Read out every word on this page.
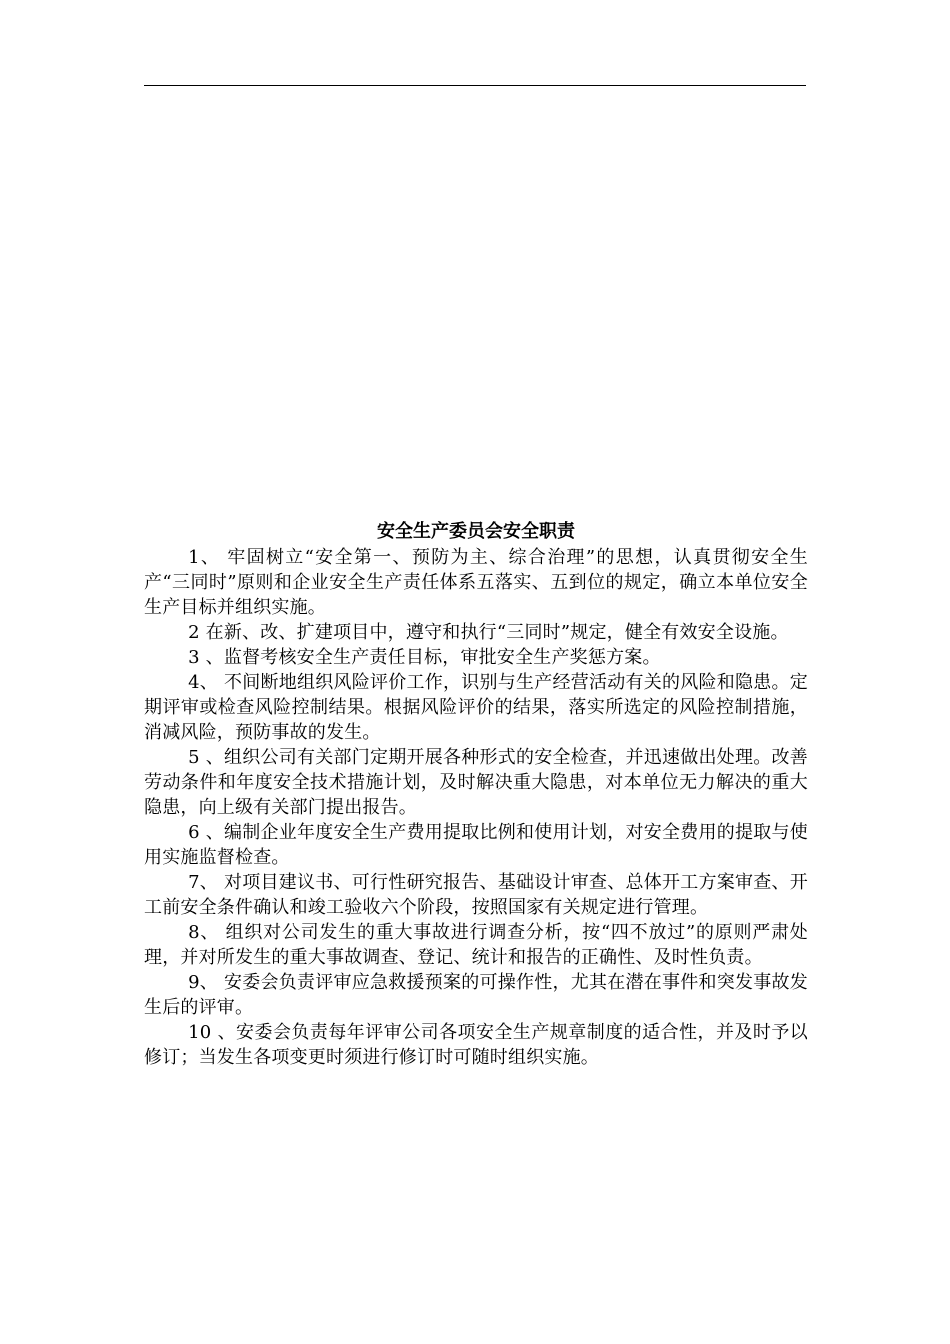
安全生产委员会安全职责

1、 牢固树立“安全第一、预防为主、综合治理”的思想，认真贯彻安全生产“三同时”原则和企业安全生产责任体系五落实、五到位的规定，确立本单位安全生产目标并组织实施。

2 在新、改、扩建项目中，遵守和执行“三同时”规定，健全有效安全设施。

3 、监督考核安全生产责任目标，审批安全生产奖惩方案。

4、 不间断地组织风险评价工作，识别与生产经营活动有关的风险和隐患。定期评审或检查风险控制结果。根据风险评价的结果，落实所选定的风险控制措施，消减风险，预防事故的发生。

5 、组织公司有关部门定期开展各种形式的安全检查，并迅速做出处理。改善劳动条件和年度安全技术措施计划，及时解决重大隐患，对本单位无力解决的重大隐患，向上级有关部门提出报告。

6 、编制企业年度安全生产费用提取比例和使用计划，对安全费用的提取与使用实施监督检查。

7、 对项目建议书、可行性研究报告、基础设计审查、总体开工方案审查、开工前安全条件确认和竣工验收六个阶段，按照国家有关规定进行管理。

8、 组织对公司发生的重大事故进行调查分析，按“四不放过”的原则严肃处理，并对所发生的重大事故调查、登记、统计和报告的正确性、及时性负责。

9、 安委会负责评审应急救援预案的可操作性，尤其在潜在事件和突发事故发生后的评审。

10 、安委会负责每年评审公司各项安全生产规章制度的适合性，并及时予以修订；当发生各项变更时须进行修订时可随时组织实施。
